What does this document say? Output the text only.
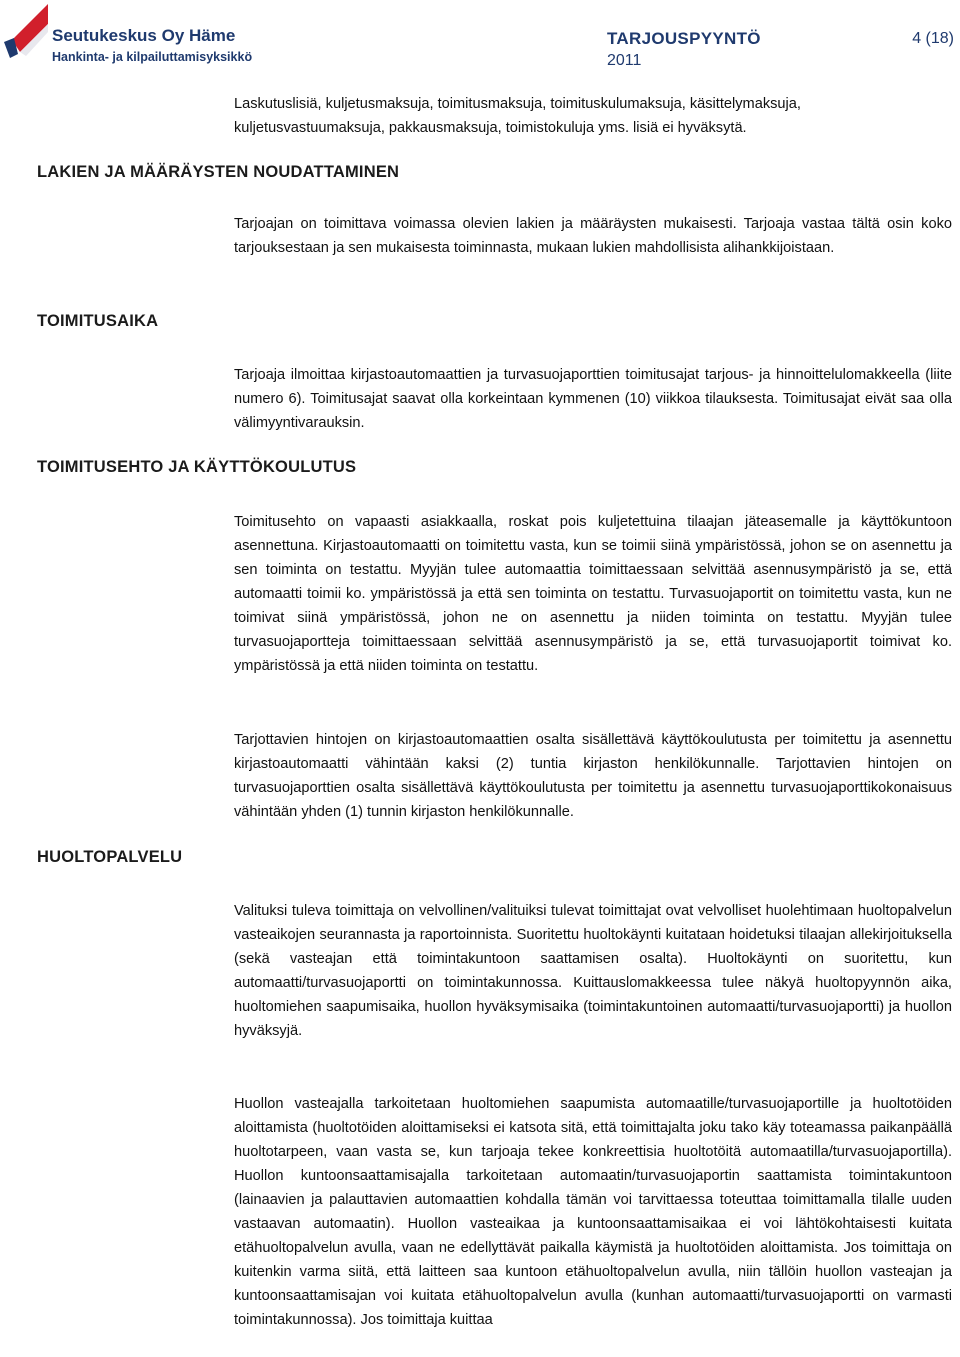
Seutukeskus Oy Häme
Hankinta- ja kilpailuttamisyksikkö
TARJOUSPYYNTÖ
2011
4 (18)
Laskutuslisiä, kuljetusmaksuja, toimitusmaksuja, toimituskulumaksuja, käsittelymaksuja, kuljetusvastuumaksuja, pakkausmaksuja, toimistokuluja yms. lisiä ei hyväksytä.
LAKIEN JA MÄÄRÄYSTEN NOUDATTAMINEN
Tarjoajan on toimittava voimassa olevien lakien ja määräysten mukaisesti. Tarjoaja vastaa tältä osin koko tarjouksestaan ja sen mukaisesta toiminnasta, mukaan lukien mahdollisista alihankkijoistaan.
TOIMITUSAIKA
Tarjoaja ilmoittaa kirjastoautomaattien ja turvasuojaporttien toimitusajat tarjous- ja hinnoittelulomakkeella (liite numero 6). Toimitusajat saavat olla korkeintaan kymmenen (10) viikkoa tilauksesta. Toimitusajat eivät saa olla välimyyntivarauksin.
TOIMITUSEHTO JA KÄYTTÖKOULUTUS
Toimitusehto on vapaasti asiakkaalla, roskat pois kuljetettuina tilaajan jäteasemalle ja käyttökuntoon asennettuna. Kirjastoautomaatti on toimitettu vasta, kun se toimii siinä ympäristössä, johon se on asennettu ja sen toiminta on testattu. Myyjän tulee automaattia toimittaessaan selvittää asennusympäristö ja se, että automaatti toimii ko. ympäristössä ja että sen toiminta on testattu. Turvasuojaportit on toimitettu vasta, kun ne toimivat siinä ympäristössä, johon ne on asennettu ja niiden toiminta on testattu. Myyjän tulee turvasuojaportteja toimittaessaan selvittää asennusympäristö ja se, että turvasuojaportit toimivat ko. ympäristössä ja että niiden toiminta on testattu.
Tarjottavien hintojen on kirjastoautomaattien osalta sisällettävä käyttökoulutusta per toimitettu ja asennettu kirjastoautomaatti vähintään kaksi (2) tuntia kirjaston henkilökunnalle. Tarjottavien hintojen on turvasuojaporttien osalta sisällettävä käyttökoulutusta per toimitettu ja asennettu turvasuojaporttikokonaisuus vähintään yhden (1) tunnin kirjaston henkilökunnalle.
HUOLTOPALVELU
Valituksi tuleva toimittaja on velvollinen/valituiksi tulevat toimittajat ovat velvolliset huolehtimaan huoltopalvelun vasteaikojen seurannasta ja raportoinnista. Suoritettu huoltokäynti kuitataan hoidetuksi tilaajan allekirjoituksella (sekä vasteajan että toimintakuntoon saattamisen osalta). Huoltokäynti on suoritettu, kun automaatti/turvasuojaportti on toimintakunnossa. Kuittauslomakkeessa tulee näkyä huoltopyynnön aika, huoltomiehen saapumisaika, huollon hyväksymisaika (toimintakuntoinen automaatti/turvasuojaportti) ja huollon hyväksyjä.
Huollon vasteajalla tarkoitetaan huoltomiehen saapumista automaatille/turvasuojaportille ja huoltotöiden aloittamista (huoltotöiden aloittamiseksi ei katsota sitä, että toimittajalta joku tako käy toteamassa paikanpäällä huoltotarpeen, vaan vasta se, kun tarjoaja tekee konkreettisia huoltotöitä automaatilla/turvasuojaportilla). Huollon kuntoonsaattamisajalla tarkoitetaan automaatin/turvasuojaportin saattamista toimintakuntoon (lainaavien ja palauttavien automaattien kohdalla tämän voi tarvittaessa toteuttaa toimittamalla tilalle uuden vastaavan automaatin). Huollon vasteaikaa ja kuntoonsaattamisaikaa ei voi lähtökohtaisesti kuitata etähuoltopalvelun avulla, vaan ne edellyttävät paikalla käymistä ja huoltotöiden aloittamista. Jos toimittaja on kuitenkin varma siitä, että laitteen saa kuntoon etähuoltopalvelun avulla, niin tällöin huollon vasteajan ja kuntoonsaattamisajan voi kuitata etähuoltopalvelun avulla (kunhan automaatti/turvasuojaportti on varmasti toimintakunnossa). Jos toimittaja kuittaa
